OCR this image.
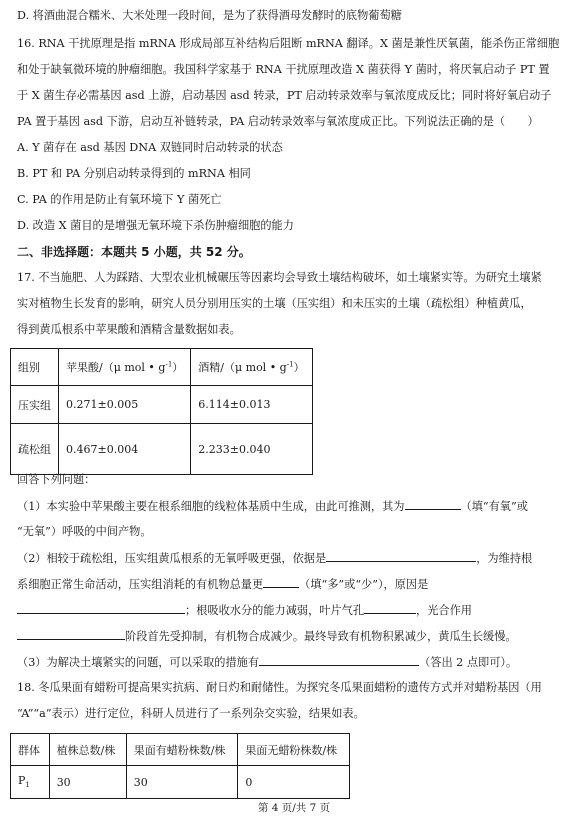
D. 将酒曲混合糯米、大米处理一段时间，是为了获得酒母发酵时的底物葡萄糖
16. RNA 干扰原理是指 mRNA 形成局部互补结构后阻断 mRNA 翻译。X 菌是兼性厌氧菌，能杀伤正常细胞
和处于缺氧微环境的肿瘤细胞。我国科学家基于 RNA 干扰原理改造 X 菌获得 Y 菌时，将厌氧启动子 PT 置
于 X 菌生存必需基因 asd 上游，启动基因 asd 转录，PT 启动转录效率与氧浓度成反比；同时将好氧启动子
PA 置于基因 asd 下游，启动互补链转录，PA 启动转录效率与氧浓度成正比。下列说法正确的是（　　）
A. Y 菌存在 asd 基因 DNA 双链同时启动转录的状态
B. PT 和 PA 分别启动转录得到的 mRNA 相同
C. PA 的作用是防止有氧环境下 Y 菌死亡
D. 改造 X 菌目的是增强无氧环境下杀伤肿瘤细胞的能力
二、非选择题：本题共 5 小题，共 52 分。
17. 不当施肥、人为踩踏、大型农业机械碾压等因素均会导致土壤结构破坏，如土壤紧实等。为研究土壤紧
实对植物生长发育的影响，研究人员分别用压实的土壤（压实组）和未压实的土壤（疏松组）种植黄瓜，
得到黄瓜根系中苹果酸和酒精含量数据如表。
组别	苹果酸/（μ mol • $g^{-1}$）	酒精/（μ mol • $g^{-1}$）
压实组	0.271±0.005	6.114±0.013
疏松组	0.467±0.004	2.233±0.040
回答下列问题：
（1）本实验中苹果酸主要在根系细胞的线粒体基质中生成，由此可推测，其为	（填“有氧”或
“无氧”）呼吸的中间产物。
（2）相较于疏松组，压实组黄瓜根系的无氧呼吸更强，依据是	，为维持根
系细胞正常生命活动，压实组消耗的有机物总量更	（填“多”或“少”），原因是
；根吸收水分的能力减弱，叶片气孔	，光合作用
阶段首先受抑制，有机物合成减少。最终导致有机物积累减少，黄瓜生长缓慢。
（3）为解决土壤紧实的问题，可以采取的措施有	（答出 2 点即可）。
18. 冬瓜果面有蜡粉可提高果实抗病、耐日灼和耐储性。为探究冬瓜果面蜡粉的遗传方式并对蜡粉基因（用
“A”“a”表示）进行定位，科研人员进行了一系列杂交实验，结果如表。
群体	植株总数/株	果面有蜡粉株数/株	果面无蜡粉株数/株
$P_1$	30	30	0
第 4 页/共 7 页
